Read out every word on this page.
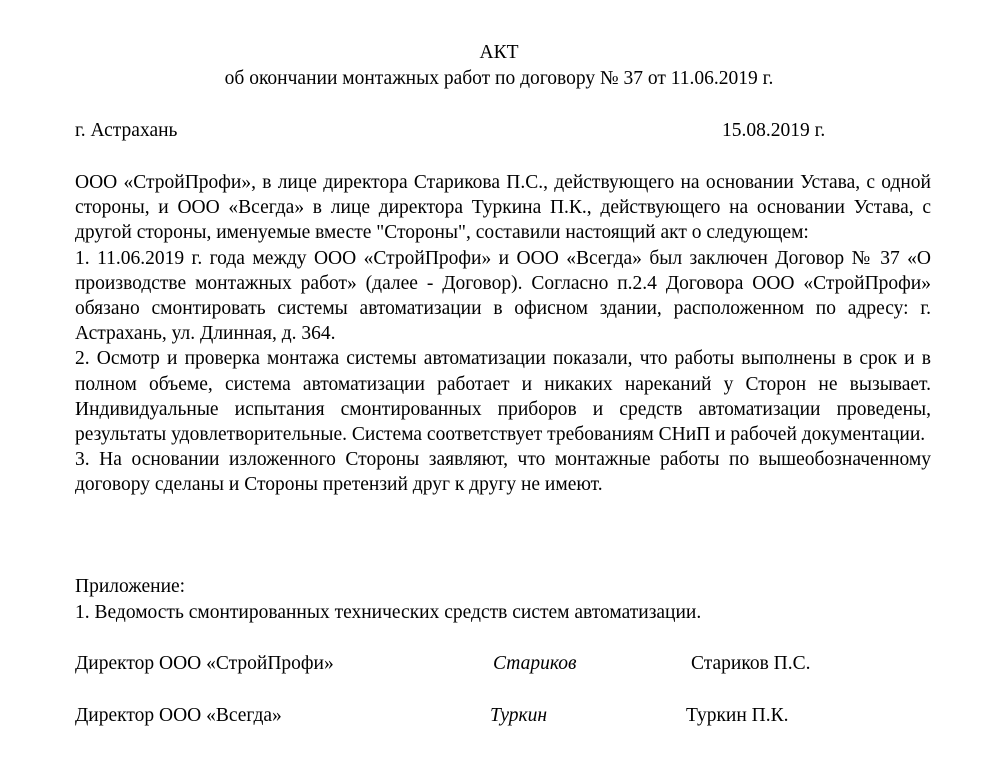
АКТ
об окончании монтажных работ по договору № 37 от 11.06.2019 г.
г. Астрахань	15.08.2019 г.

ООО «СтройПрофи», в лице директора Старикова П.С., действующего на основании Устава, с одной стороны, и ООО «Всегда» в лице директора Туркина П.К., действующего на основании Устава, с другой стороны, именуемые вместе "Стороны", составили настоящий акт о следующем:

1. 11.06.2019 г. года между ООО «СтройПрофи» и ООО «Всегда» был заключен Договор № 37 «О производстве монтажных работ» (далее - Договор). Согласно п.2.4 Договора ООО «СтройПрофи» обязано смонтировать системы автоматизации в офисном здании, расположенном по адресу: г. Астрахань, ул. Длинная, д. 364.

2. Осмотр и проверка монтажа системы автоматизации показали, что работы выполнены в срок и в полном объеме, система автоматизации работает и никаких нареканий у Сторон не вызывает. Индивидуальные испытания смонтированных приборов и средств автоматизации проведены, результаты удовлетворительные. Система соответствует требованиям СНиП и рабочей документации.

3. На основании изложенного Стороны заявляют, что монтажные работы по вышеобозначенному договору сделаны и Стороны претензий друг к другу не имеют.

Приложение:
1. Ведомость смонтированных технических средств систем автоматизации.
Директор ООО «СтройПрофи»	Стариков	Стариков П.С.
Директор ООО «Всегда»	Туркин	Туркин П.К.
